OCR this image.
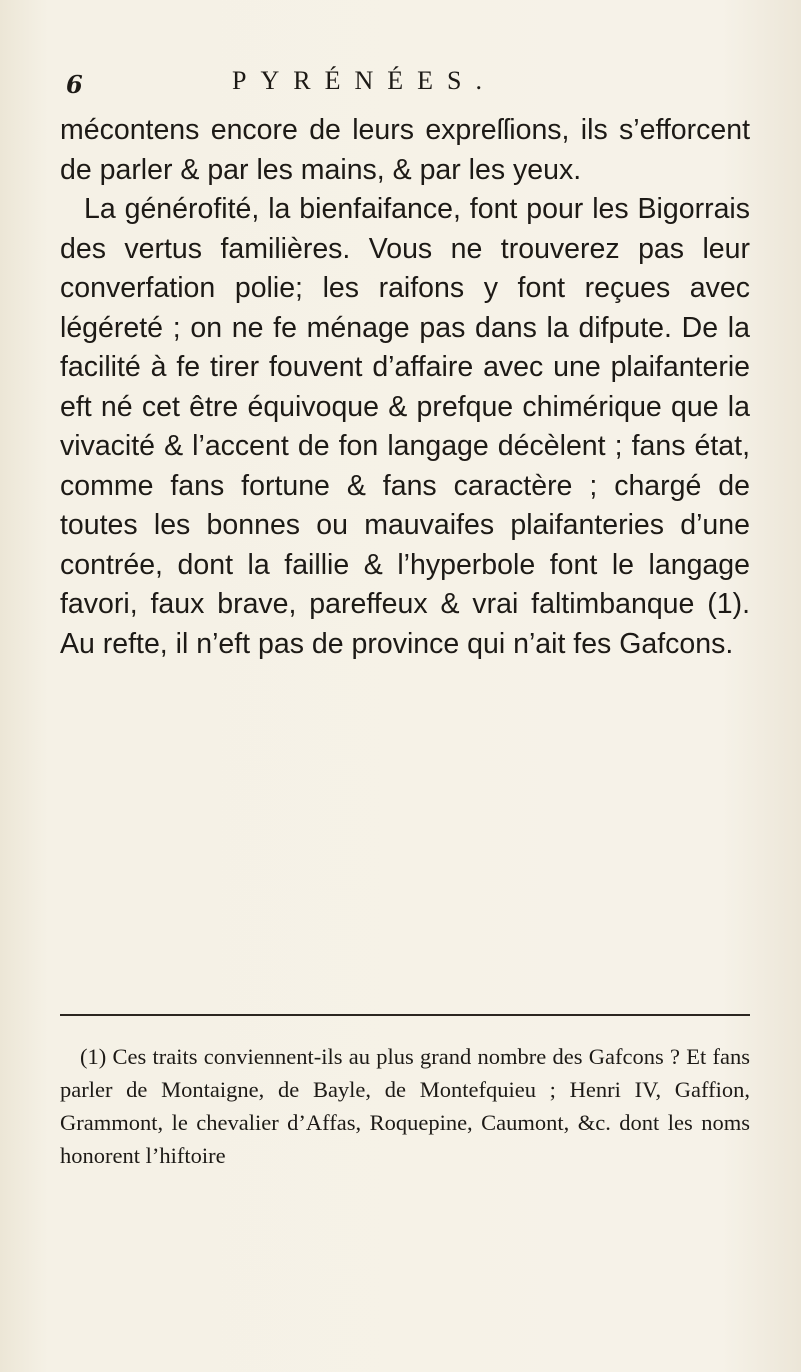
6	PYRÉNÉES.

mécontens encore de leurs expreſſions, ils s’efforcent de parler & par les mains, & par les yeux.

La générofité, la bienfaifance, font pour les Bigorrais des vertus familières. Vous ne trouverez pas leur converfation polie; les raifons y font reçues avec légéreté ; on ne fe ménage pas dans la difpute. De la facilité à fe tirer fouvent d’affaire avec une plaifanterie eft né cet être équivoque & prefque chimérique que la vivacité & l’accent de fon langage décèlent ; fans état, comme fans fortune & fans caractère ; chargé de toutes les bonnes ou mauvaifes plaifanteries d’une contrée, dont la faillie & l’hyperbole font le langage favori, faux brave, pareffeux & vrai faltimbanque (1). Au refte, il n’eft pas de province qui n’ait fes Gafcons.

(1) Ces traits conviennent-ils au plus grand nombre des Gafcons ? Et fans parler de Montaigne, de Bayle, de Montefquieu ; Henri IV, Gaffion, Grammont, le chevalier d’Affas, Roquepine, Caumont, &c. dont les noms honorent l’hiftoire
